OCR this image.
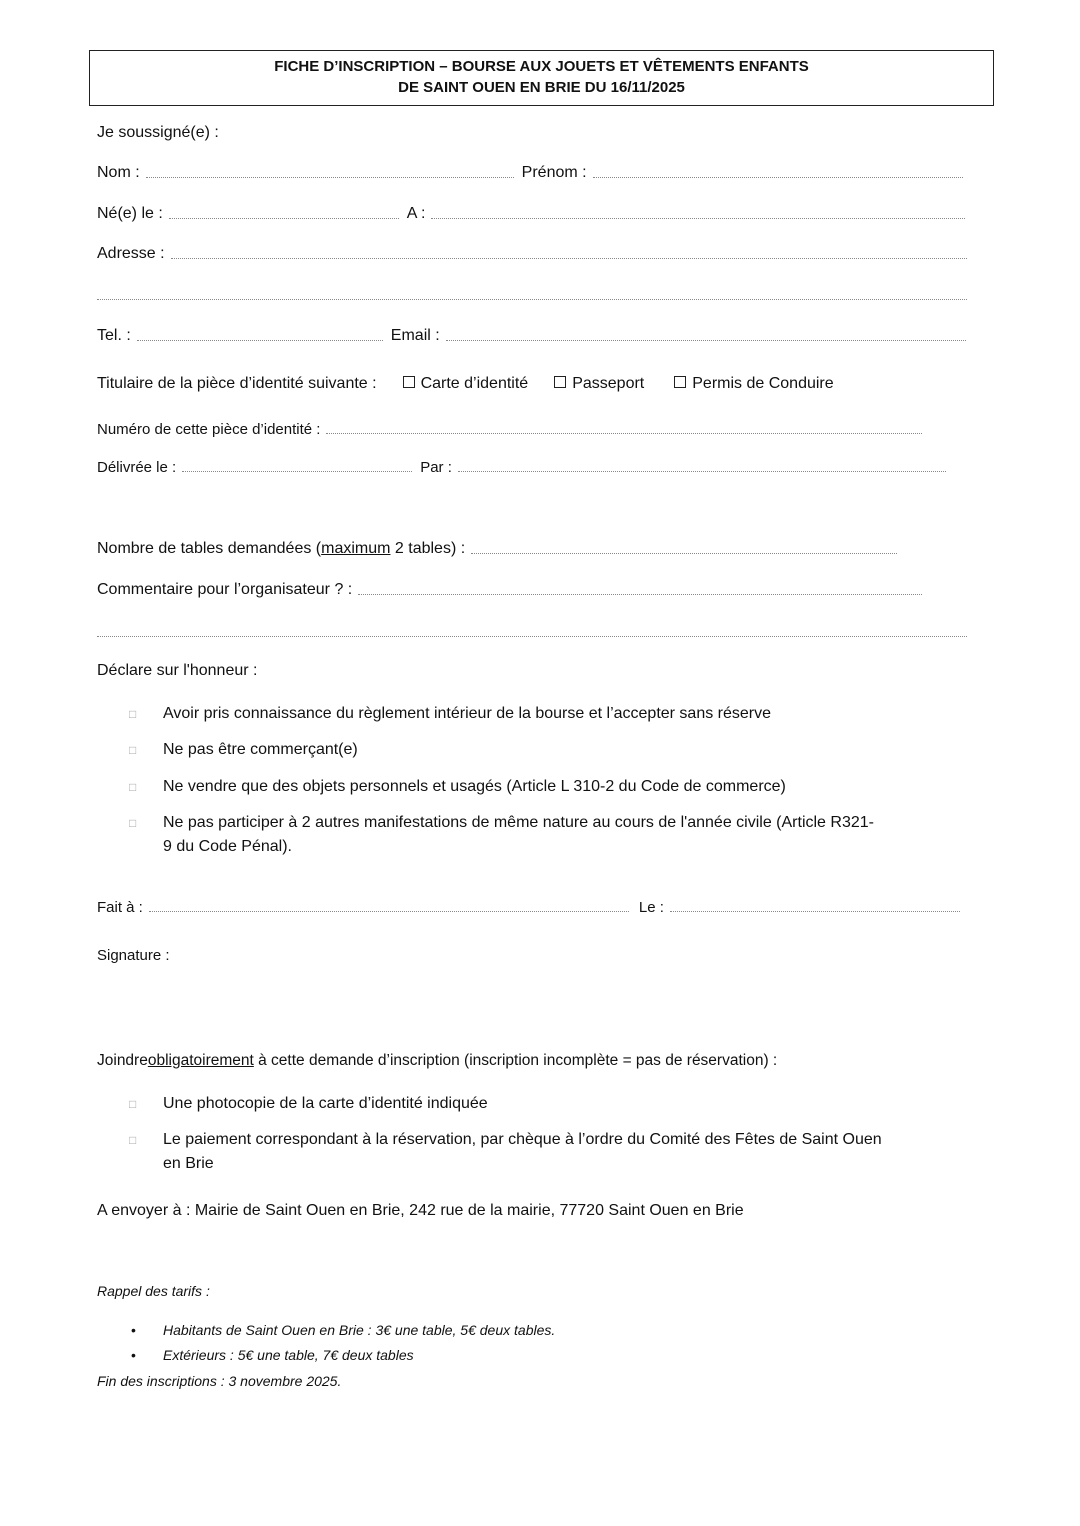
FICHE D’INSCRIPTION – BOURSE AUX JOUETS ET VÊTEMENTS ENFANTS
DE SAINT OUEN EN BRIE DU 16/11/2025
Je soussigné(e) :
Nom :	Prénom :
Né(e) le :	A :
Adresse :
Tel. :	Email :
Titulaire de la pièce d’identité suivante :	Carte d’identité	Passeport	Permis de Conduire
Numéro de cette pièce d’identité :
Délivrée le :	Par :
Nombre de tables demandées (maximum 2 tables) :
Commentaire pour l’organisateur ? :
Déclare sur l'honneur :
□ Avoir pris connaissance du règlement intérieur de la bourse et l’accepter sans réserve
□ Ne pas être commerçant(e)
□ Ne vendre que des objets personnels et usagés (Article L 310-2 du Code de commerce)
□ Ne pas participer à 2 autres manifestations de même nature au cours de l'année civile (Article R321-
9 du Code Pénal).
Fait à :	Le :
Signature :
Joindre obligatoirement à cette demande d’inscription (inscription incomplète = pas de réservation) :
□ Une photocopie de la carte d’identité indiquée
□ Le paiement correspondant à la réservation, par chèque à l’ordre du Comité des Fêtes de Saint Ouen
en Brie
A envoyer à : Mairie de Saint Ouen en Brie, 242 rue de la mairie, 77720 Saint Ouen en Brie
Rappel des tarifs :
• Habitants de Saint Ouen en Brie : 3€ une table, 5€ deux tables.
• Extérieurs : 5€ une table, 7€ deux tables
Fin des inscriptions : 3 novembre 2025.
